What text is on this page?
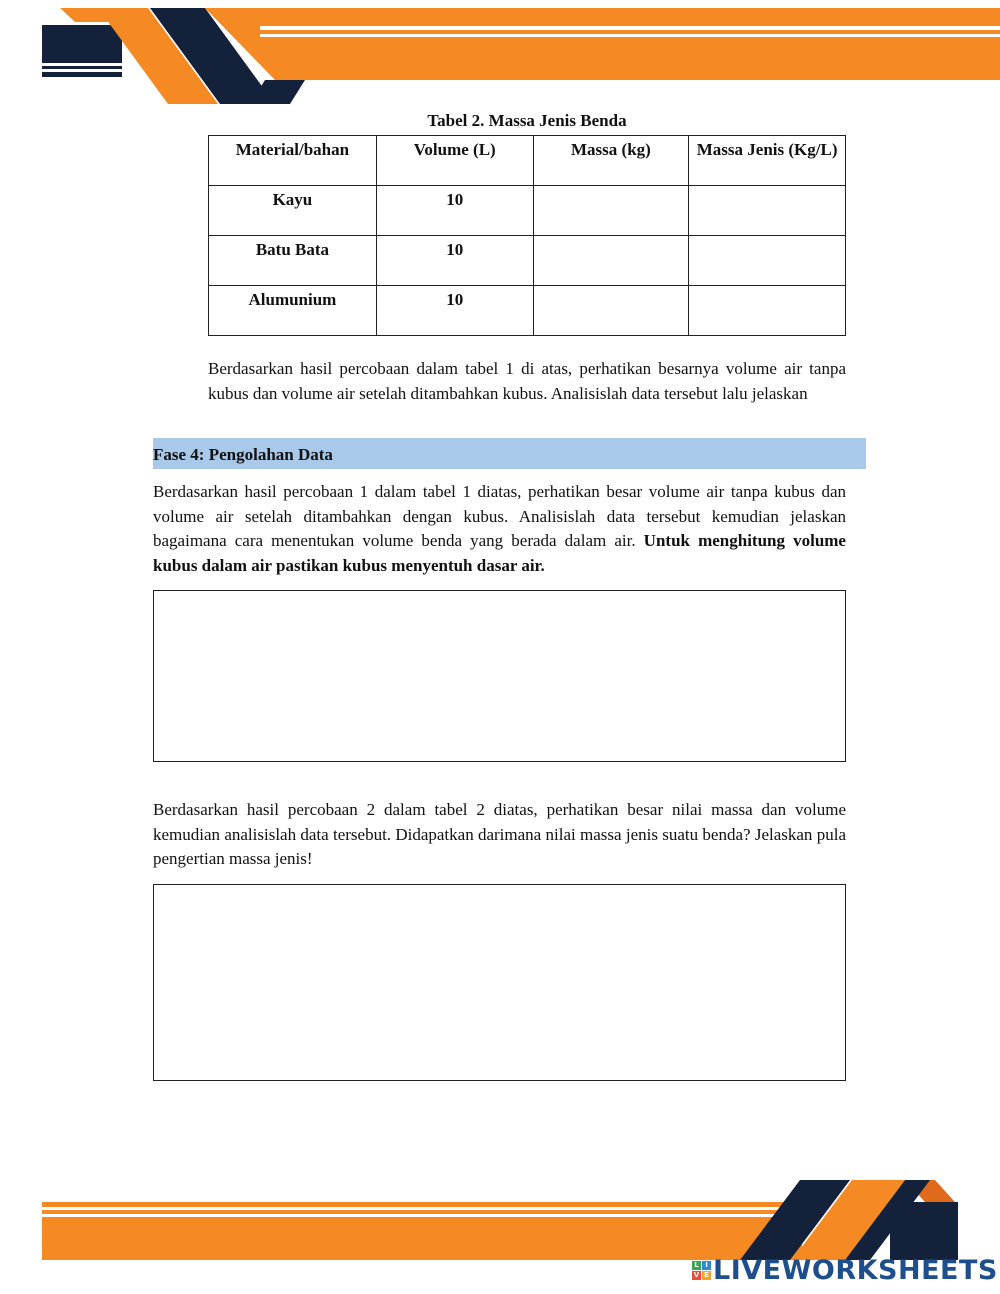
Tabel 2. Massa Jenis Benda
Material/bahan	Volume (L)	Massa (kg)	Massa Jenis (Kg/L)
Kayu	10		
Batu Bata	10		
Alumunium	10		
Berdasarkan hasil percobaan dalam tabel 1 di atas, perhatikan besarnya volume air tanpa kubus dan volume air setelah ditambahkan kubus. Analisislah data tersebut lalu jelaskan
Fase 4: Pengolahan Data
Berdasarkan hasil percobaan 1 dalam tabel 1 diatas, perhatikan besar volume air tanpa kubus dan volume air setelah ditambahkan dengan kubus. Analisislah data tersebut kemudian jelaskan bagaimana cara menentukan volume benda yang berada dalam air. Untuk menghitung volume kubus dalam air pastikan kubus menyentuh dasar air.
Berdasarkan hasil percobaan 2 dalam tabel 2 diatas, perhatikan besar nilai massa dan volume kemudian analisislah data tersebut. Didapatkan darimana nilai massa jenis suatu benda? Jelaskan pula pengertian massa jenis!
L I
V E LIVEWORKSHEETS
